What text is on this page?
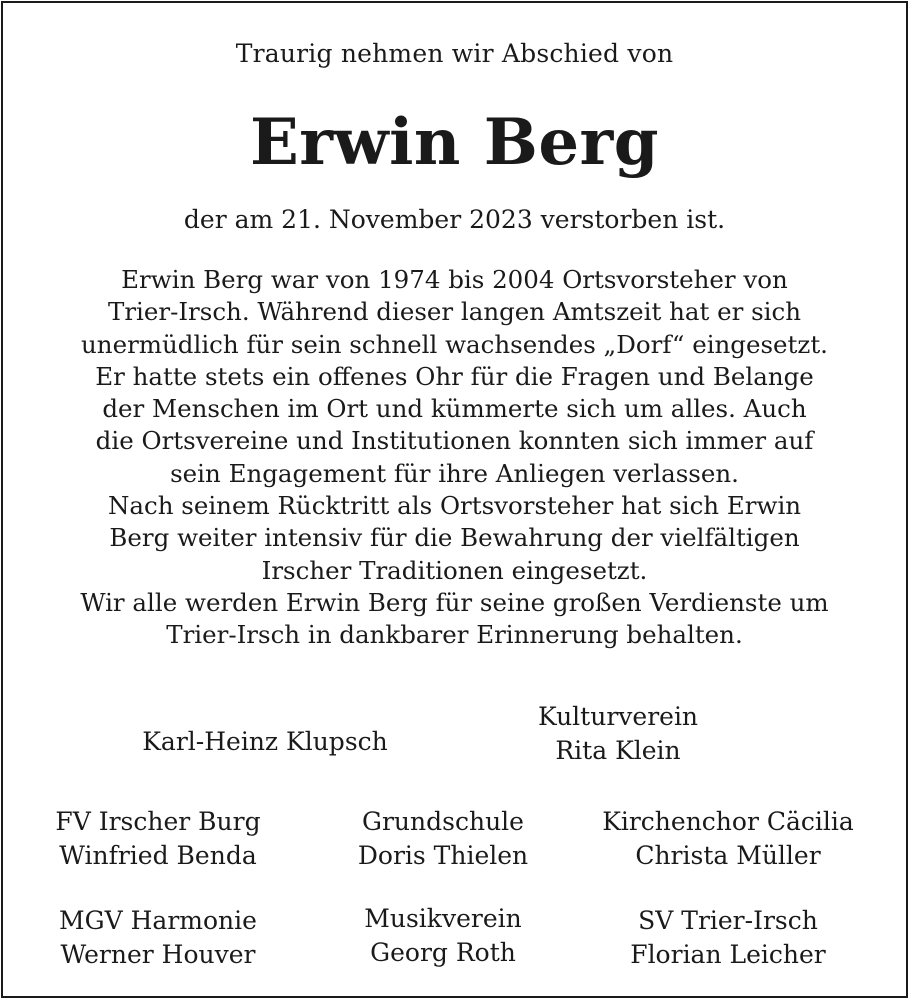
Traurig nehmen wir Abschied von
Erwin Berg
der am 21. November 2023 verstorben ist.
Erwin Berg war von 1974 bis 2004 Ortsvorsteher von
Trier-Irsch. Während dieser langen Amtszeit hat er sich
unermüdlich für sein schnell wachsendes „Dorf“ eingesetzt.
Er hatte stets ein offenes Ohr für die Fragen und Belange
der Menschen im Ort und kümmerte sich um alles. Auch
die Ortsvereine und Institutionen konnten sich immer auf
sein Engagement für ihre Anliegen verlassen.
Nach seinem Rücktritt als Ortsvorsteher hat sich Erwin
Berg weiter intensiv für die Bewahrung der vielfältigen
Irscher Traditionen eingesetzt.
Wir alle werden Erwin Berg für seine großen Verdienste um
Trier-Irsch in dankbarer Erinnerung behalten.
Karl-Heinz Klupsch
Kulturverein
Rita Klein
FV Irscher Burg
Winfried Benda
Grundschule
Doris Thielen
Kirchenchor Cäcilia
Christa Müller
MGV Harmonie
Werner Houver
Musikverein
Georg Roth
SV Trier-Irsch
Florian Leicher
